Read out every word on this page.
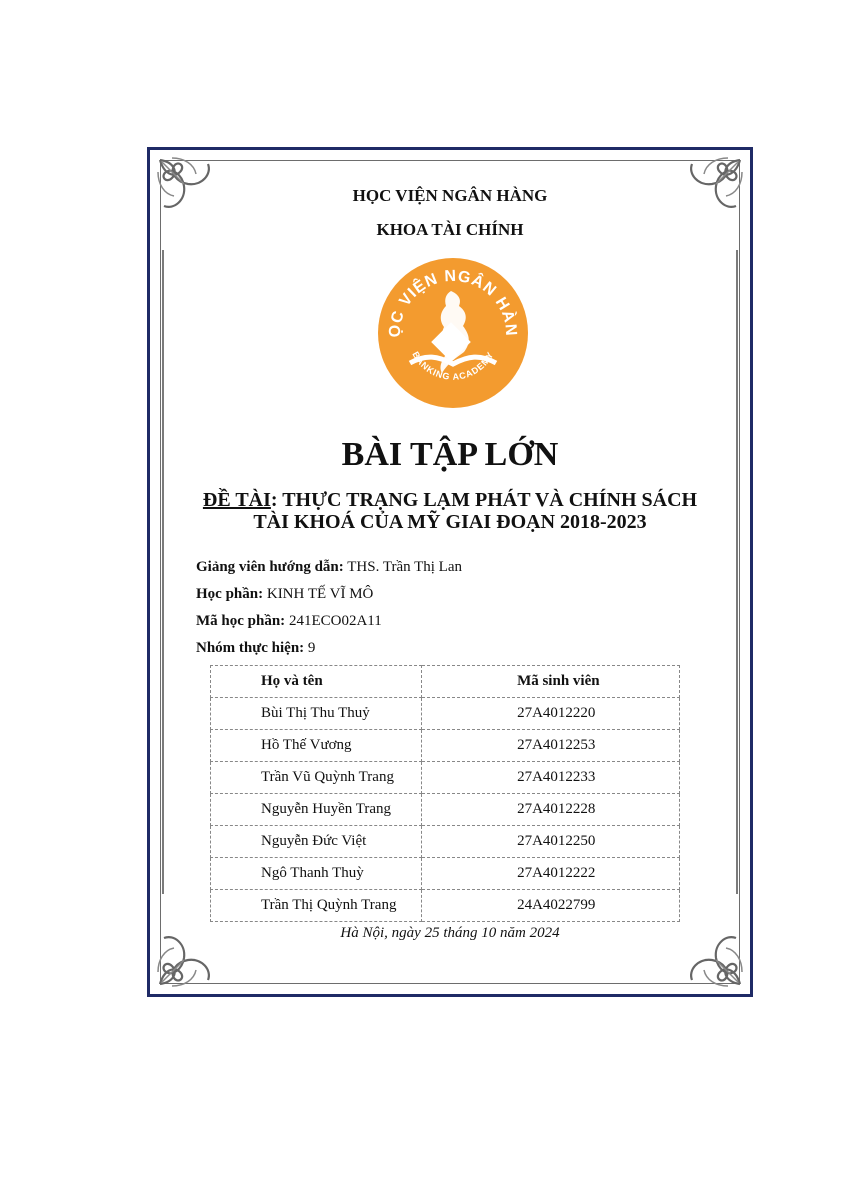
HỌC VIỆN NGÂN HÀNG
KHOA TÀI CHÍNH
ỌC VIỆN NGÂN HÀN
BANKING ACADEMY
BÀI TẬP LỚN
ĐỀ TÀI: THỰC TRẠNG LẠM PHÁT VÀ CHÍNH SÁCH
TÀI KHOÁ CỦA MỸ GIAI ĐOẠN 2018-2023
Giảng viên hướng dẫn: THS. Trần Thị Lan
Học phần: KINH TẾ VĨ MÔ
Mã học phần: 241ECO02A11
Nhóm thực hiện: 9
Họ và tên	Mã sinh viên
Bùi Thị Thu Thuỷ	27A4012220
Hồ Thế Vương	27A4012253
Trần Vũ Quỳnh Trang	27A4012233
Nguyễn Huyền Trang	27A4012228
Nguyễn Đức Việt	27A4012250
Ngô Thanh Thuỳ	27A4012222
Trần Thị Quỳnh Trang	24A4022799
Hà Nội, ngày 25 tháng 10 năm 2024
